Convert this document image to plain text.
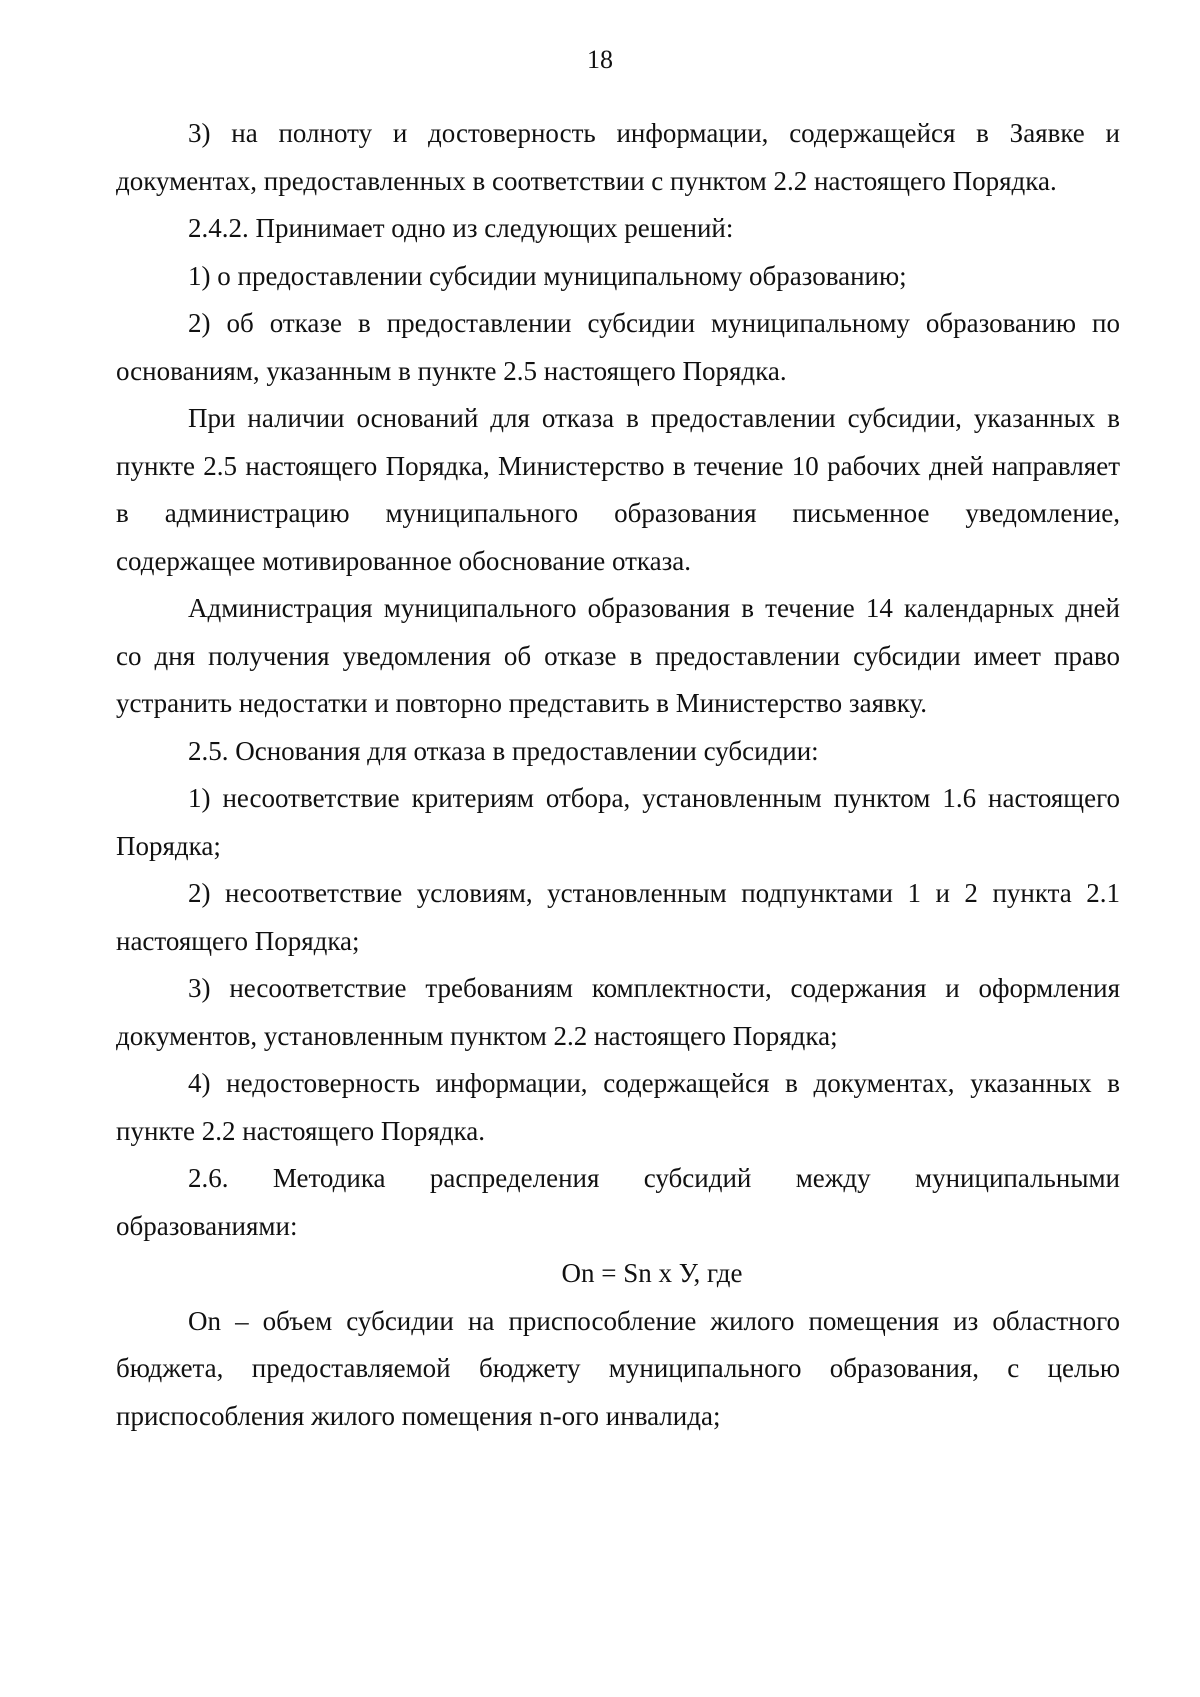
18

3) на полноту и достоверность информации, содержащейся в Заявке и документах, предоставленных в соответствии с пунктом 2.2 настоящего Порядка.

2.4.2. Принимает одно из следующих решений:

1) о предоставлении субсидии муниципальному образованию;

2) об отказе в предоставлении субсидии муниципальному образованию по основаниям, указанным в пункте 2.5 настоящего Порядка.

При наличии оснований для отказа в предоставлении субсидии, указанных в пункте 2.5 настоящего Порядка, Министерство в течение 10 рабочих дней направляет в администрацию муниципального образования письменное уведомление, содержащее мотивированное обоснование отказа.

Администрация муниципального образования в течение 14 календарных дней со дня получения уведомления об отказе в предоставлении субсидии имеет право устранить недостатки и повторно представить в Министерство заявку.

2.5. Основания для отказа в предоставлении субсидии:

1) несоответствие критериям отбора, установленным пунктом 1.6 настоящего Порядка;

2) несоответствие условиям, установленным подпунктами 1 и 2 пункта 2.1 настоящего Порядка;

3) несоответствие требованиям комплектности, содержания и оформления документов, установленным пунктом 2.2 настоящего Порядка;

4) недостоверность информации, содержащейся в документах, указанных в пункте 2.2 настоящего Порядка.

2.6. Методика распределения субсидий между муниципальными образованиями:

Оn = Sn x У, где

Оn – объем субсидии на приспособление жилого помещения из областного бюджета, предоставляемой бюджету муниципального образования, с целью приспособления жилого помещения n-ого инвалида;
